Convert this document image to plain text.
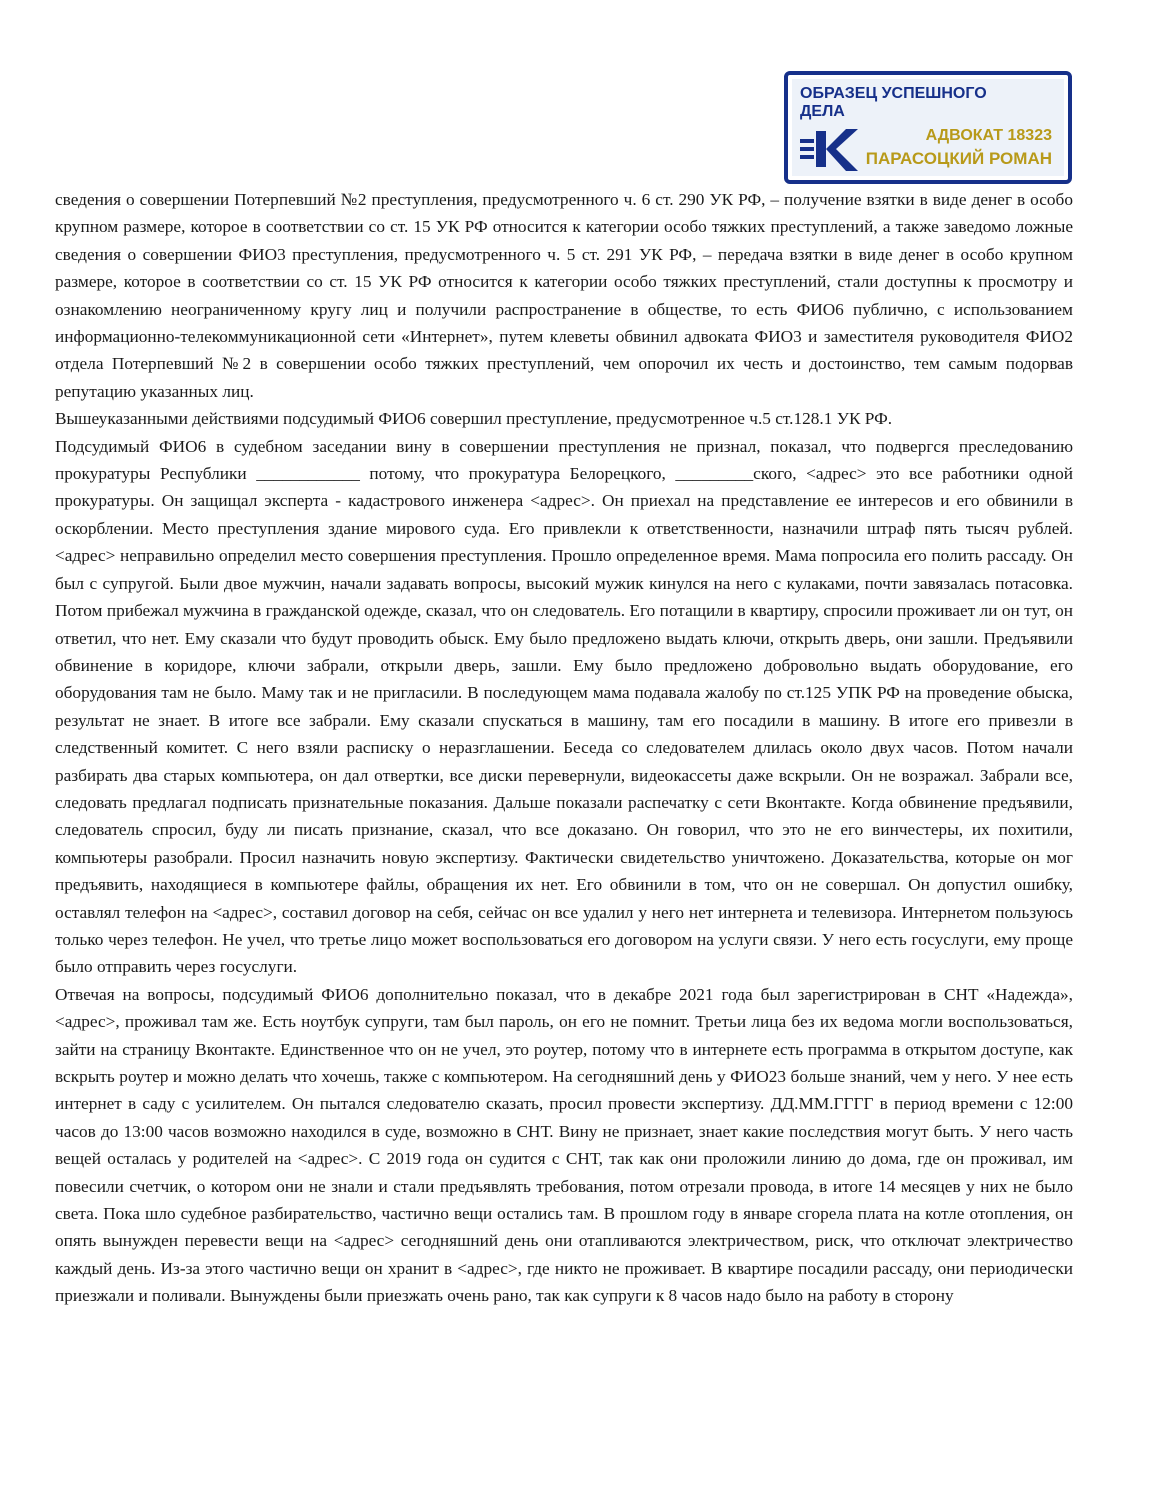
ОБРАЗЕЦ УСПЕШНОГО
ДЕЛА
АДВОКАТ 18323
ПАРАСОЦКИЙ РОМАН

сведения о совершении Потерпевший №2 преступления, предусмотренного ч. 6 ст. 290 УК РФ, – получение взятки в виде денег в особо крупном размере, которое в соответствии со ст. 15 УК РФ относится к категории особо тяжких преступлений, а также заведомо ложные сведения о совершении ФИО3 преступления, предусмотренного ч. 5 ст. 291 УК РФ, – передача взятки в виде денег в особо крупном размере, которое в соответствии со ст. 15 УК РФ относится к категории особо тяжких преступлений, стали доступны к просмотру и ознакомлению неограниченному кругу лиц и получили распространение в обществе, то есть ФИО6 публично, с использованием информационно-телекоммуникационной сети «Интернет», путем клеветы обвинил адвоката ФИО3 и заместителя руководителя ФИО2 отдела Потерпевший №2 в совершении особо тяжких преступлений, чем опорочил их честь и достоинство, тем самым подорвав репутацию указанных лиц.

Вышеуказанными действиями подсудимый ФИО6 совершил преступление, предусмотренное ч.5 ст.128.1 УК РФ.

Подсудимый ФИО6 в судебном заседании вину в совершении преступления не признал, показал, что подвергся преследованию прокуратуры Республики ____________ потому, что прокуратура Белорецкого, _________ского, <адрес> это все работники одной прокуратуры. Он защищал эксперта - кадастрового инженера <адрес>. Он приехал на представление ее интересов и его обвинили в оскорблении. Место преступления здание мирового суда. Его привлекли к ответственности, назначили штраф пять тысяч рублей. <адрес> неправильно определил место совершения преступления. Прошло определенное время. Мама попросила его полить рассаду. Он был с супругой. Были двое мужчин, начали задавать вопросы, высокий мужик кинулся на него с кулаками, почти завязалась потасовка. Потом прибежал мужчина в гражданской одежде, сказал, что он следователь. Его потащили в квартиру, спросили проживает ли он тут, он ответил, что нет. Ему сказали что будут проводить обыск. Ему было предложено выдать ключи, открыть дверь, они зашли. Предъявили обвинение в коридоре, ключи забрали, открыли дверь, зашли. Ему было предложено добровольно выдать оборудование, его оборудования там не было. Маму так и не пригласили. В последующем мама подавала жалобу по ст.125 УПК РФ на проведение обыска, результат не знает. В итоге все забрали. Ему сказали спускаться в машину, там его посадили в машину. В итоге его привезли в следственный комитет. С него взяли расписку о неразглашении. Беседа со следователем длилась около двух часов. Потом начали разбирать два старых компьютера, он дал отвертки, все диски перевернули, видеокассеты даже вскрыли. Он не возражал. Забрали все, следовать предлагал подписать признательные показания. Дальше показали распечатку с сети Вконтакте. Когда обвинение предъявили, следователь спросил, буду ли писать признание, сказал, что все доказано. Он говорил, что это не его винчестеры, их похитили, компьютеры разобрали. Просил назначить новую экспертизу. Фактически свидетельство уничтожено. Доказательства, которые он мог предъявить, находящиеся в компьютере файлы, обращения их нет. Его обвинили в том, что он не совершал. Он допустил ошибку, оставлял телефон на <адрес>, составил договор на себя, сейчас он все удалил у него нет интернета и телевизора. Интернетом пользуюсь только через телефон. Не учел, что третье лицо может воспользоваться его договором на услуги связи. У него есть госуслуги, ему проще было отправить через госуслуги.

Отвечая на вопросы, подсудимый ФИО6 дополнительно показал, что в декабре 2021 года был зарегистрирован в СНТ «Надежда», <адрес>, проживал там же. Есть ноутбук супруги, там был пароль, он его не помнит. Третьи лица без их ведома могли воспользоваться, зайти на страницу Вконтакте. Единственное что он не учел, это роутер, потому что в интернете есть программа в открытом доступе, как вскрыть роутер и можно делать что хочешь, также с компьютером. На сегодняшний день у ФИО23 больше знаний, чем у него. У нее есть интернет в саду с усилителем. Он пытался следователю сказать, просил провести экспертизу. ДД.ММ.ГГГГ в период времени с 12:00 часов до 13:00 часов возможно находился в суде, возможно в СНТ. Вину не признает, знает какие последствия могут быть. У него часть вещей осталась у родителей на <адрес>. С 2019 года он судится с СНТ, так как они проложили линию до дома, где он проживал, им повесили счетчик, о котором они не знали и стали предъявлять требования, потом отрезали провода, в итоге 14 месяцев у них не было света. Пока шло судебное разбирательство, частично вещи остались там. В прошлом году в январе сгорела плата на котле отопления, он опять вынужден перевести вещи на <адрес> сегодняшний день они отапливаются электричеством, риск, что отключат электричество каждый день. Из-за этого частично вещи он хранит в <адрес>, где никто не проживает. В квартире посадили рассаду, они периодически приезжали и поливали. Вынуждены были приезжать очень рано, так как супруги к 8 часов надо было на работу в сторону
